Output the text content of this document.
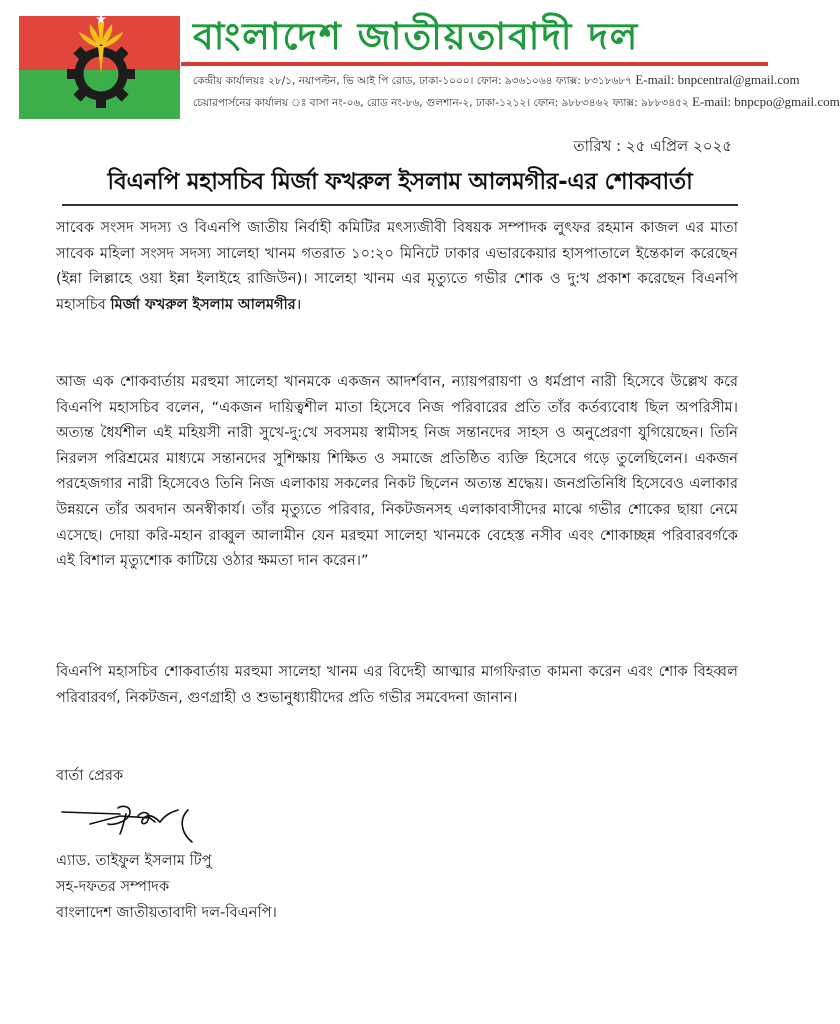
বাংলাদেশ জাতীয়তাবাদী দল
কেন্দ্রীয় কার্যালয়ঃ ২৮/১, নয়াপল্টন, ভি আই পি রোড, ঢাকা-১০০০। ফোন: ৯৩৬১০৬৪ ফ্যাক্স: ৮৩১৮৬৮৭ E-mail: bnpcentral@gmail.com
চেয়ারপার্সনের কার্যালয় ঃ বাসা নং-০৬, রোড নং-৮৬, গুলশান-২, ঢাকা-১২১২। ফোন: ৯৮৮৩৪৬২ ফ্যাক্স: ৯৮৮৩৪৫২ E-mail: bnpcpo@gmail.com
তারিখ : ২৫ এপ্রিল ২০২৫
বিএনপি মহাসচিব মির্জা ফখরুল ইসলাম আলমগীর-এর শোকবার্তা
সাবেক সংসদ সদস্য ও বিএনপি জাতীয় নির্বাহী কমিটির মৎস্যজীবী বিষয়ক সম্পাদক লুৎফর রহমান কাজল এর মাতা সাবেক মহিলা সংসদ সদস্য সালেহা খানম গতরাত ১০:২০ মিনিটে ঢাকার এভারকেয়ার হাসপাতালে ইন্তেকাল করেছেন (ইন্না লিল্লাহে ওয়া ইন্না ইলাইহে রাজিউন)। সালেহা খানম এর মৃত্যুতে গভীর শোক ও দু:খ প্রকাশ করেছেন বিএনপি মহাসচিব মির্জা ফখরুল ইসলাম আলমগীর।
আজ এক শোকবার্তায় মরহুমা সালেহা খানমকে একজন আদর্শবান, ন্যায়পরায়ণা ও ধর্মপ্রাণ নারী হিসেবে উল্লেখ করে বিএনপি মহাসচিব বলেন, “একজন দায়িত্বশীল মাতা হিসেবে নিজ পরিবারের প্রতি তাঁর কর্তব্যবোধ ছিল অপরিসীম। অত্যন্ত ধৈর্যশীল এই মহিয়সী নারী সুখে-দু:খে সবসময় স্বামীসহ নিজ সন্তানদের সাহস ও অনুপ্রেরণা যুগিয়েছেন। তিনি নিরলস পরিশ্রমের মাধ্যমে সন্তানদের সুশিক্ষায় শিক্ষিত ও সমাজে প্রতিষ্ঠিত ব্যক্তি হিসেবে গড়ে তুলেছিলেন। একজন পরহেজগার নারী হিসেবেও তিনি নিজ এলাকায় সকলের নিকট ছিলেন অত্যন্ত শ্রদ্ধেয়। জনপ্রতিনিধি হিসেবেও এলাকার উন্নয়নে তাঁর অবদান অনস্বীকার্য। তাঁর মৃত্যুতে পরিবার, নিকটজনসহ এলাকাবাসীদের মাঝে গভীর শোকের ছায়া নেমে এসেছে। দোয়া করি-মহান রাব্বুল আলামীন যেন মরহুমা সালেহা খানমকে বেহেস্ত নসীব এবং শোকাচ্ছন্ন পরিবারবর্গকে এই বিশাল মৃত্যুশোক কাটিয়ে ওঠার ক্ষমতা দান করেন।”
বিএনপি মহাসচিব শোকবার্তায় মরহুমা সালেহা খানম এর বিদেহী আত্মার মাগফিরাত কামনা করেন এবং শোক বিহব্বল পরিবারবর্গ, নিকটজন, গুণগ্রাহী ও শুভানুধ্যায়ীদের প্রতি গভীর সমবেদনা জানান।
বার্তা প্রেরক
এ্যাড. তাইফুল ইসলাম টিপু
সহ-দফতর সম্পাদক
বাংলাদেশ জাতীয়তাবাদী দল-বিএনপি।
